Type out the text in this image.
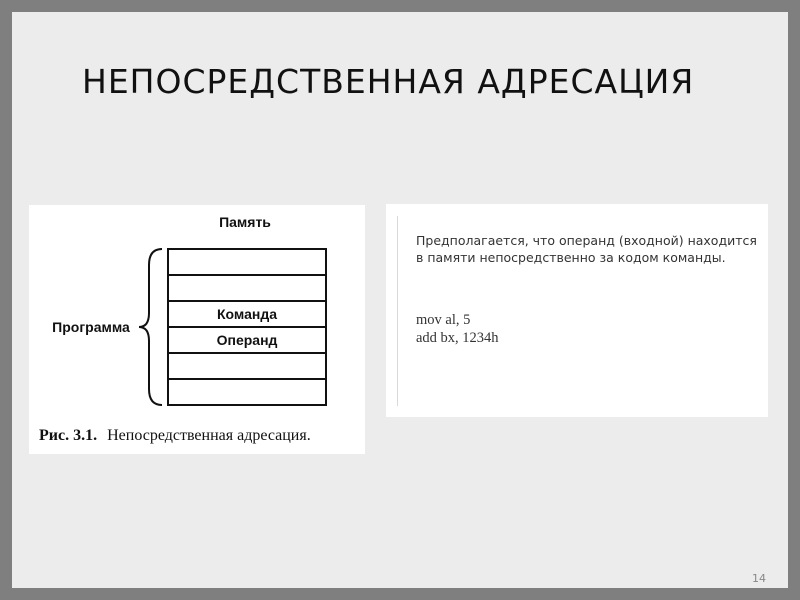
НЕПОСРЕДСТВЕННАЯ АДРЕСАЦИЯ
Память
Команда
Операнд
Программа
Рис. 3.1. Непосредственная адресация.

Предполагается, что операнд (входной) находится в памяти непосредственно за кодом команды.

mov al, 5
add bx, 1234h
14
